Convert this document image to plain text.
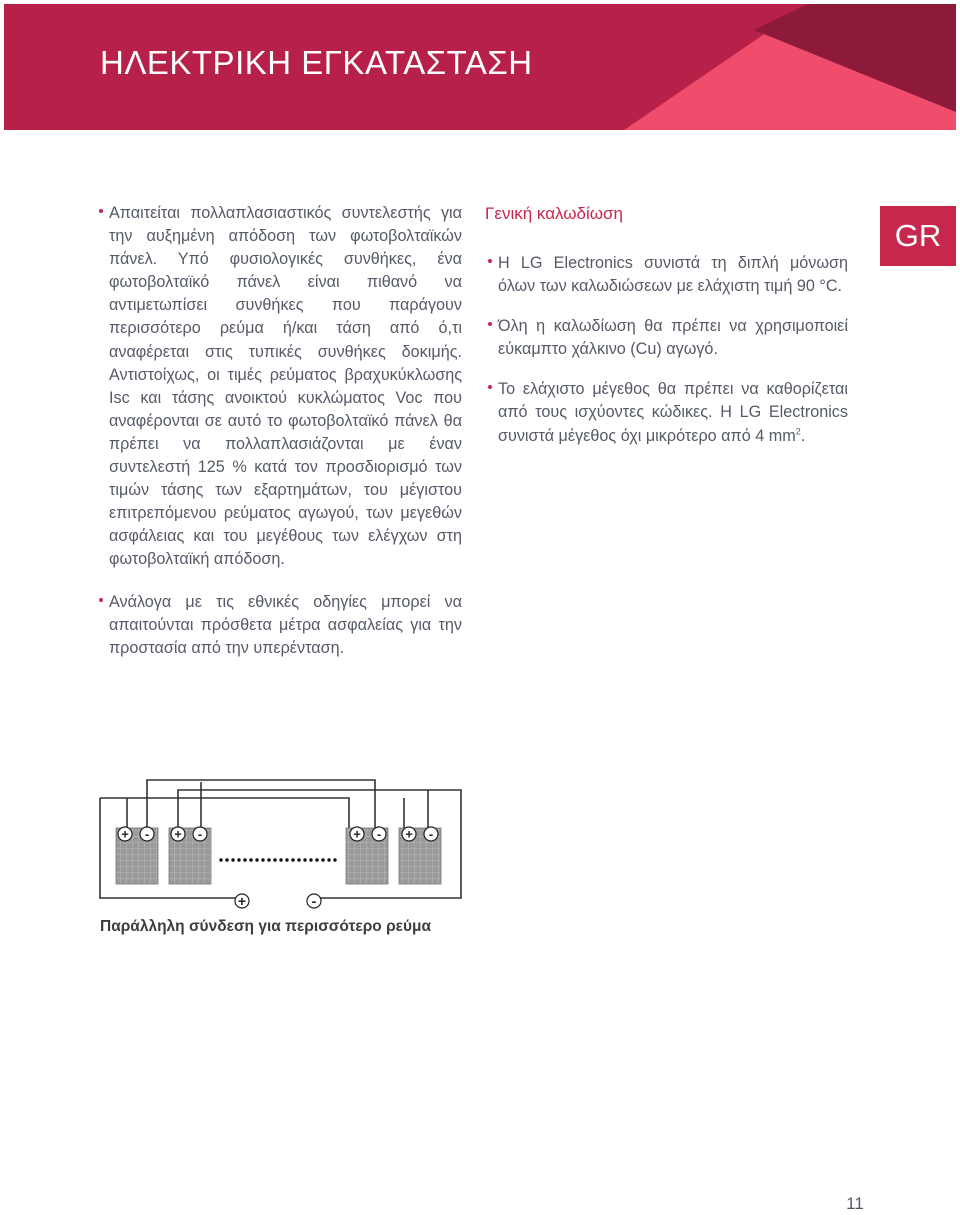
ΗΛΕΚΤΡΙΚΗ ΕΓΚΑΤΑΣΤΑΣΗ
GR
Απαιτείται πολλαπλασιαστικός συντελεστής για την αυξημένη απόδοση των φωτοβολταϊκών πάνελ. Υπό φυσιολογικές συνθήκες, ένα φωτοβολταϊκό πάνελ είναι πιθανό να αντιμετωπίσει συνθήκες που παράγουν περισσότερο ρεύμα ή/και τάση από ό,τι αναφέρεται στις τυπικές συνθήκες δοκιμής. Αντιστοίχως, οι τιμές ρεύματος βραχυκύκλωσης Isc και τάσης ανοικτού κυκλώματος Voc που αναφέρονται σε αυτό το φωτοβολταϊκό πάνελ θα πρέπει να πολλαπλασιάζονται με έναν συντελεστή 125 % κατά τον προσδιορισμό των τιμών τάσης των εξαρτημάτων, του μέγιστου επιτρεπόμενου ρεύματος αγωγού, των μεγεθών ασφάλειας και του μεγέθους των ελέγχων στη φωτοβολταϊκή απόδοση.
Ανάλογα με τις εθνικές οδηγίες μπορεί να απαιτούνται πρόσθετα μέτρα ασφαλείας για την προστασία από την υπερένταση.
Γενική καλωδίωση
Η LG Electronics συνιστά τη διπλή μόνωση όλων των καλωδιώσεων με ελάχιστη τιμή 90 °C.
Όλη η καλωδίωση θα πρέπει να χρησιμοποιεί εύκαμπτο χάλκινο (Cu) αγωγό.
Το ελάχιστο μέγεθος θα πρέπει να καθορίζεται από τους ισχύοντες κώδικες. Η LG Electronics συνιστά μέγεθος όχι μικρότερο από 4 $mm^2$.
+ - + -	+ - + -
+	-
Παράλληλη σύνδεση για περισσότερο ρεύμα
11
